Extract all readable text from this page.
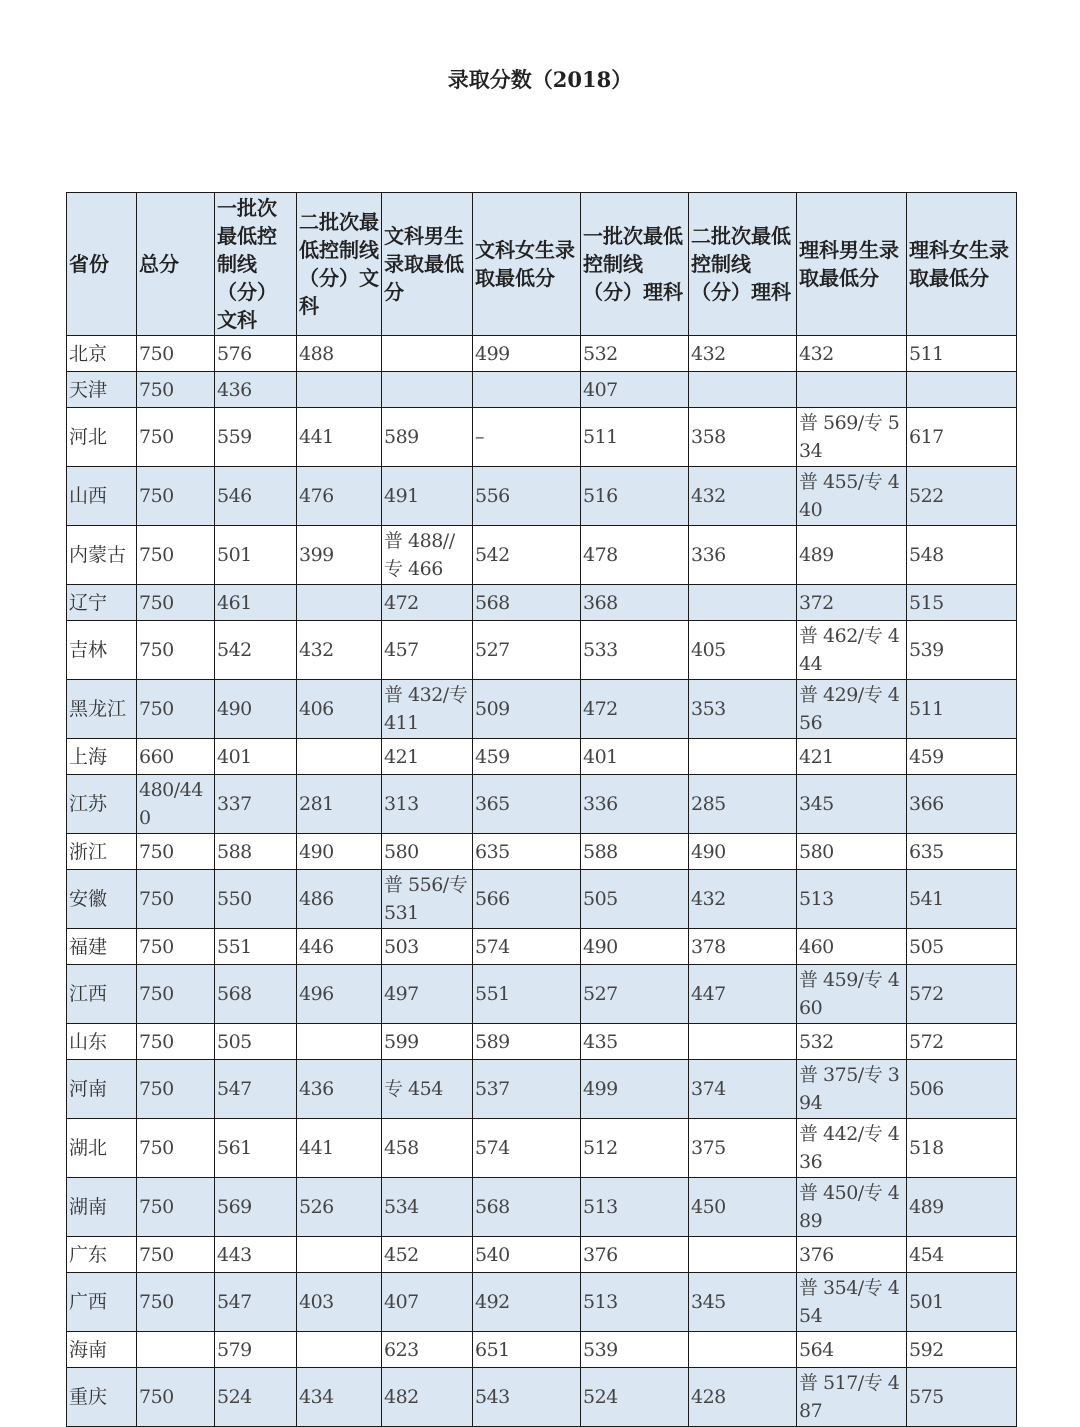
录取分数（2018）
省份	总分	一批次最低控制线（分）文科	二批次最低控制线（分）文科	文科男生录取最低分	文科女生录取最低分	一批次最低控制线（分）理科	二批次最低控制线（分）理科	理科男生录取最低分	理科女生录取最低分
北京	750	576	488		499	532	432	432	511
天津	750	436				407			
河北	750	559	441	589	–	511	358	普 569/专 534	617
山西	750	546	476	491	556	516	432	普 455/专 440	522
内蒙古	750	501	399	普 488//专 466	542	478	336	489	548
辽宁	750	461		472	568	368		372	515
吉林	750	542	432	457	527	533	405	普 462/专 444	539
黑龙江	750	490	406	普 432/专 411	509	472	353	普 429/专 456	511
上海	660	401		421	459	401		421	459
江苏	480/440	337	281	313	365	336	285	345	366
浙江	750	588	490	580	635	588	490	580	635
安徽	750	550	486	普 556/专 531	566	505	432	513	541
福建	750	551	446	503	574	490	378	460	505
江西	750	568	496	497	551	527	447	普 459/专 460	572
山东	750	505		599	589	435		532	572
河南	750	547	436	专 454	537	499	374	普 375/专 394	506
湖北	750	561	441	458	574	512	375	普 442/专 436	518
湖南	750	569	526	534	568	513	450	普 450/专 489	489
广东	750	443		452	540	376		376	454
广西	750	547	403	407	492	513	345	普 354/专 454	501
海南		579		623	651	539		564	592
重庆	750	524	434	482	543	524	428	普 517/专 487	575
